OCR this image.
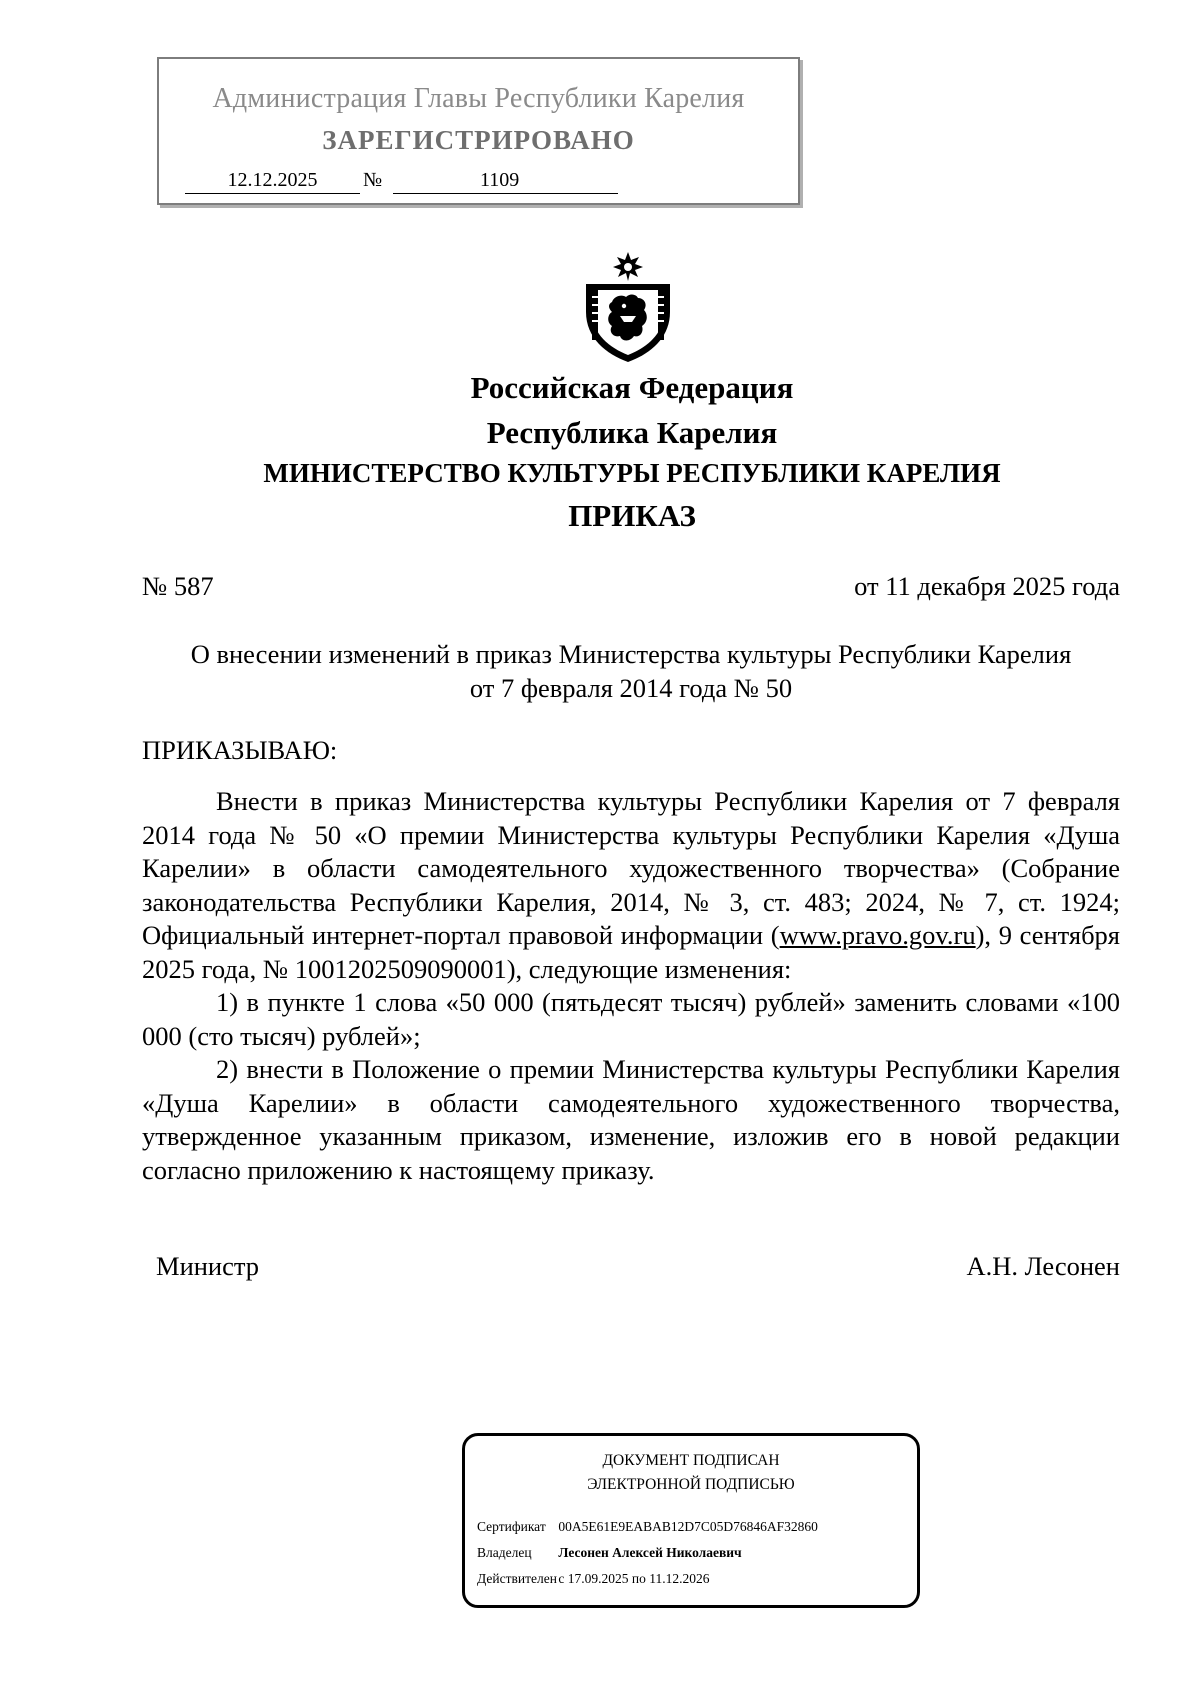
Администрация Главы Республики Карелия
ЗАРЕГИСТРИРОВАНО
12.12.2025	№	1109
Российская Федерация
Республика Карелия
МИНИСТЕРСТВО КУЛЬТУРЫ РЕСПУБЛИКИ КАРЕЛИЯ
ПРИКАЗ
№ 587	от 11 декабря 2025 года
О внесении изменений в приказ Министерства культуры Республики Карелия
от 7 февраля 2014 года № 50
ПРИКАЗЫВАЮ:

Внести в приказ Министерства культуры Республики Карелия от 7 февраля 2014 года № 50 «О премии Министерства культуры Республики Карелия «Душа Карелии» в области самодеятельного художественного творчества» (Собрание законодательства Республики Карелия, 2014, № 3, ст. 483; 2024, № 7, ст. 1924; Официальный интернет-портал правовой информации (www.pravo.gov.ru), 9 сентября 2025 года, № 1001202509090001), следующие изменения:

1) в пункте 1 слова «50 000 (пятьдесят тысяч) рублей» заменить словами «100 000 (сто тысяч) рублей»;

2) внести в Положение о премии Министерства культуры Республики Карелия «Душа Карелии» в области самодеятельного художественного творчества, утвержденное указанным приказом, изменение, изложив его в новой редакции согласно приложению к настоящему приказу.

Министр	А.Н. Лесонен
ДОКУМЕНТ ПОДПИСАН
ЭЛЕКТРОННОЙ ПОДПИСЬЮ
Сертификат 00A5E61E9EABAB12D7C05D76846AF32860
Владелец Лесонен Алексей Николаевич
Действителен с 17.09.2025 по 11.12.2026
